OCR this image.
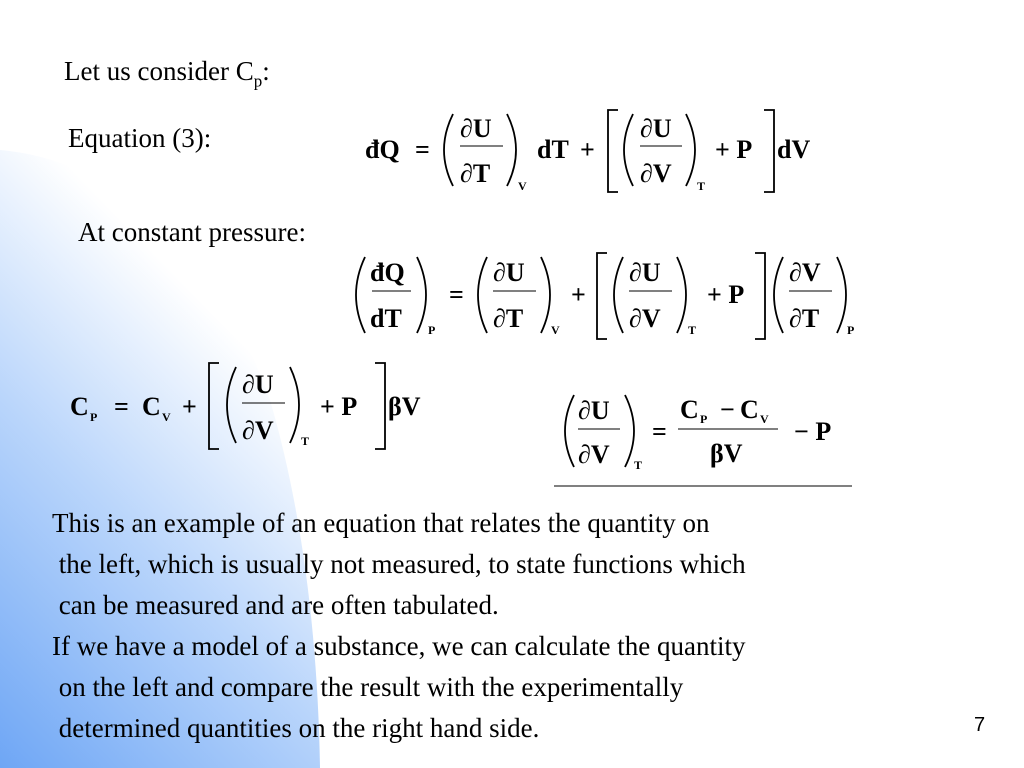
Let us consider $C_p$:
Equation (3):	đQ =
∂U
∂T V
dT +
∂U
∂V T
+ P dV
At constant pressure:
đQ
dT P
=
∂U
∂T V
+
∂U
∂V T
+ P
∂V
∂T P
C P = C V +
∂U
∂V T
+ P βV	∂U
∂V T
=
C P − C V
βV
− P
This is an example of an equation that relates the quantity on
the left, which is usually not measured, to state functions which
can be measured and are often tabulated.
If we have a model of a substance, we can calculate the quantity
on the left and compare the result with the experimentally
determined quantities on the right hand side.	7
